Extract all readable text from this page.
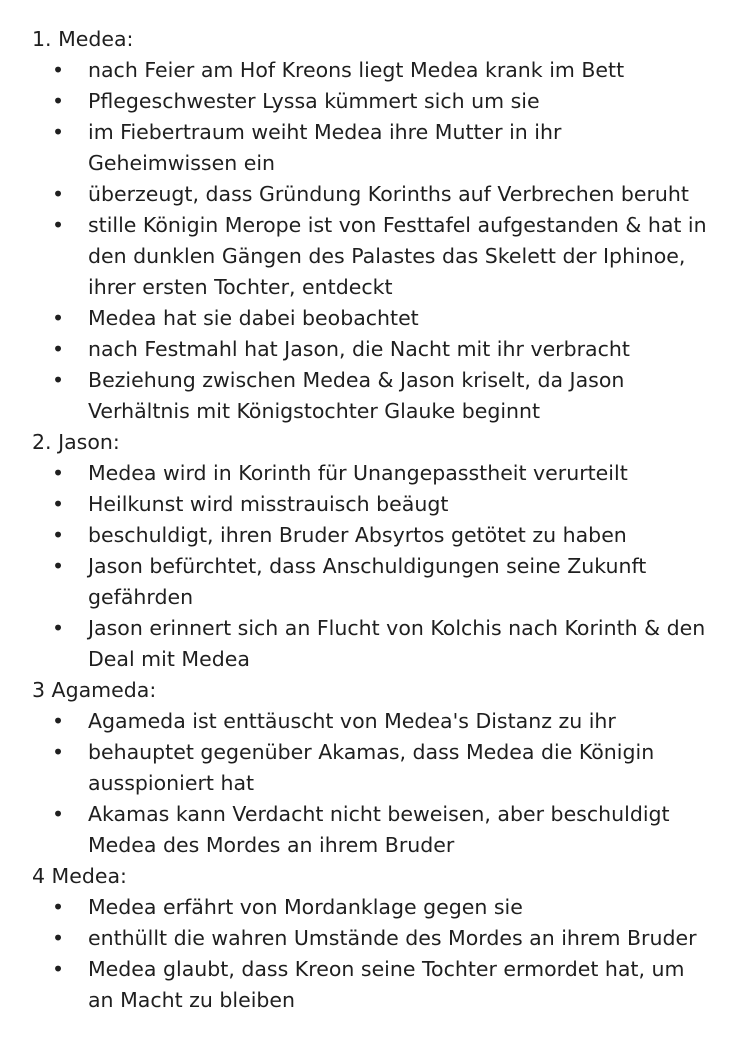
1. Medea:
• nach Feier am Hof Kreons liegt Medea krank im Bett
• Pflegeschwester Lyssa kümmert sich um sie
• im Fiebertraum weiht Medea ihre Mutter in ihr Geheimwissen ein
• überzeugt, dass Gründung Korinths auf Verbrechen beruht
• stille Königin Merope ist von Festtafel aufgestanden & hat in den dunklen Gängen des Palastes das Skelett der Iphinoe, ihrer ersten Tochter, entdeckt
• Medea hat sie dabei beobachtet
• nach Festmahl hat Jason, die Nacht mit ihr verbracht
• Beziehung zwischen Medea & Jason kriselt, da Jason Verhältnis mit Königstochter Glauke beginnt
2. Jason:
• Medea wird in Korinth für Unangepasstheit verurteilt
• Heilkunst wird misstrauisch beäugt
• beschuldigt, ihren Bruder Absyrtos getötet zu haben
• Jason befürchtet, dass Anschuldigungen seine Zukunft gefährden
• Jason erinnert sich an Flucht von Kolchis nach Korinth & den Deal mit Medea
3 Agameda:
• Agameda ist enttäuscht von Medea's Distanz zu ihr
• behauptet gegenüber Akamas, dass Medea die Königin ausspioniert hat
• Akamas kann Verdacht nicht beweisen, aber beschuldigt Medea des Mordes an ihrem Bruder
4 Medea:
• Medea erfährt von Mordanklage gegen sie
• enthüllt die wahren Umstände des Mordes an ihrem Bruder
• Medea glaubt, dass Kreon seine Tochter ermordet hat, um an Macht zu bleiben
